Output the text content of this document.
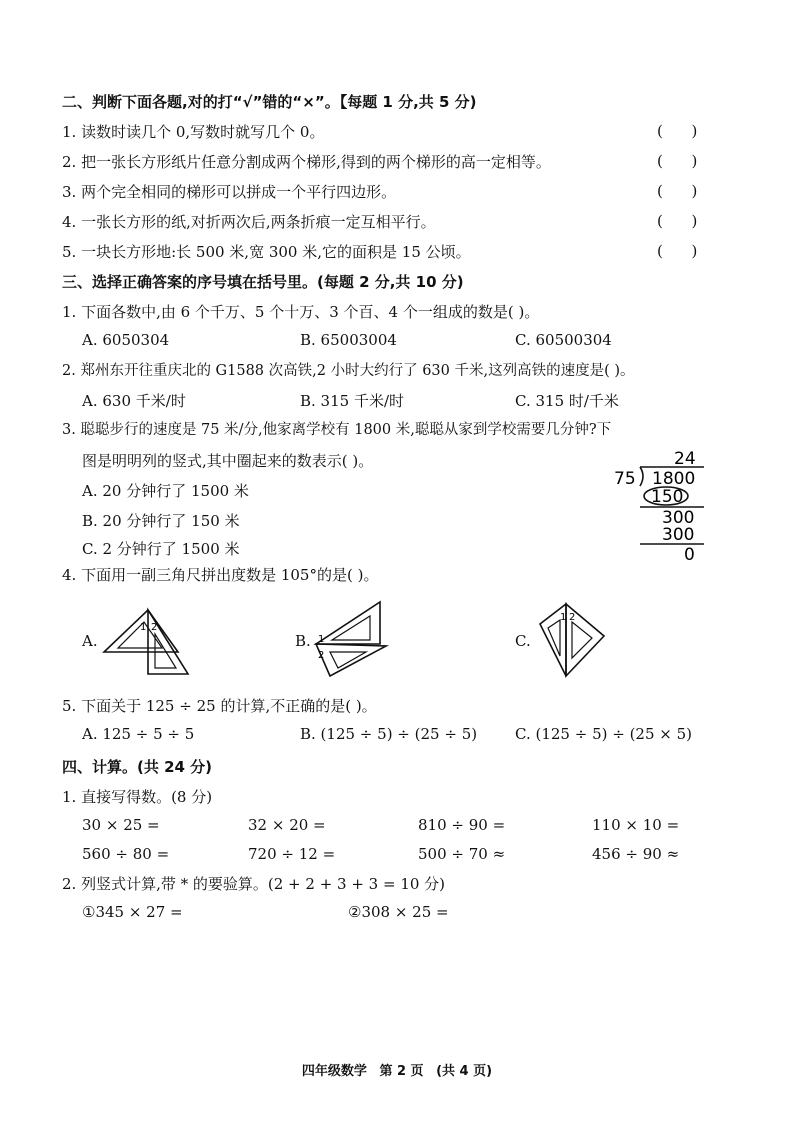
二、判断下面各题,对的打“√”错的“×”。【每题 1 分,共 5 分)
1. 读数时读几个 0,写数时就写几个 0。	(      )
2. 把一张长方形纸片任意分割成两个梯形,得到的两个梯形的高一定相等。	(      )
3. 两个完全相同的梯形可以拼成一个平行四边形。	(      )
4. 一张长方形的纸,对折两次后,两条折痕一定互相平行。	(      )
5. 一块长方形地:长 500 米,宽 300 米,它的面积是 15 公顷。	(      )
三、选择正确答案的序号填在括号里。(每题 2 分,共 10 分)
1. 下面各数中,由 6 个千万、5 个十万、3 个百、4 个一组成的数是( )。
A. 6050304	B. 65003004	C. 60500304
2. 郑州东开往重庆北的 G1588 次高铁,2 小时大约行了 630 千米,这列高铁的速度是( )。
A. 630 千米/时	B. 315 千米/时	C. 315 时/千米
3. 聪聪步行的速度是 75 米/分,他家离学校有 1800 米,聪聪从家到学校需要几分钟?下
图是明明列的竖式,其中圈起来的数表示( )。
A. 20 分钟行了 1500 米
B. 20 分钟行了 150 米
C. 2 分钟行了 1500 米
24
75 1800
150
300
300
0
4. 下面用一副三角尺拼出度数是 105°的是( )。
A.
1 2
B. 1
2
C.
1 2
5. 下面关于 125 ÷ 25 的计算,不正确的是( )。
A. 125 ÷ 5 ÷ 5	B. (125 ÷ 5) ÷ (25 ÷ 5)	C. (125 ÷ 5) ÷ (25 × 5)
四、计算。(共 24 分)
1. 直接写得数。(8 分)
30 × 25 =	32 × 20 =	810 ÷ 90 =	110 × 10 =
560 ÷ 80 =	720 ÷ 12 =	500 ÷ 70 ≈	456 ÷ 90 ≈
2. 列竖式计算,带 * 的要验算。(2 + 2 + 3 + 3 = 10 分)
①345 × 27 =	②308 × 25 =
四年级数学 第 2 页 (共 4 页)
